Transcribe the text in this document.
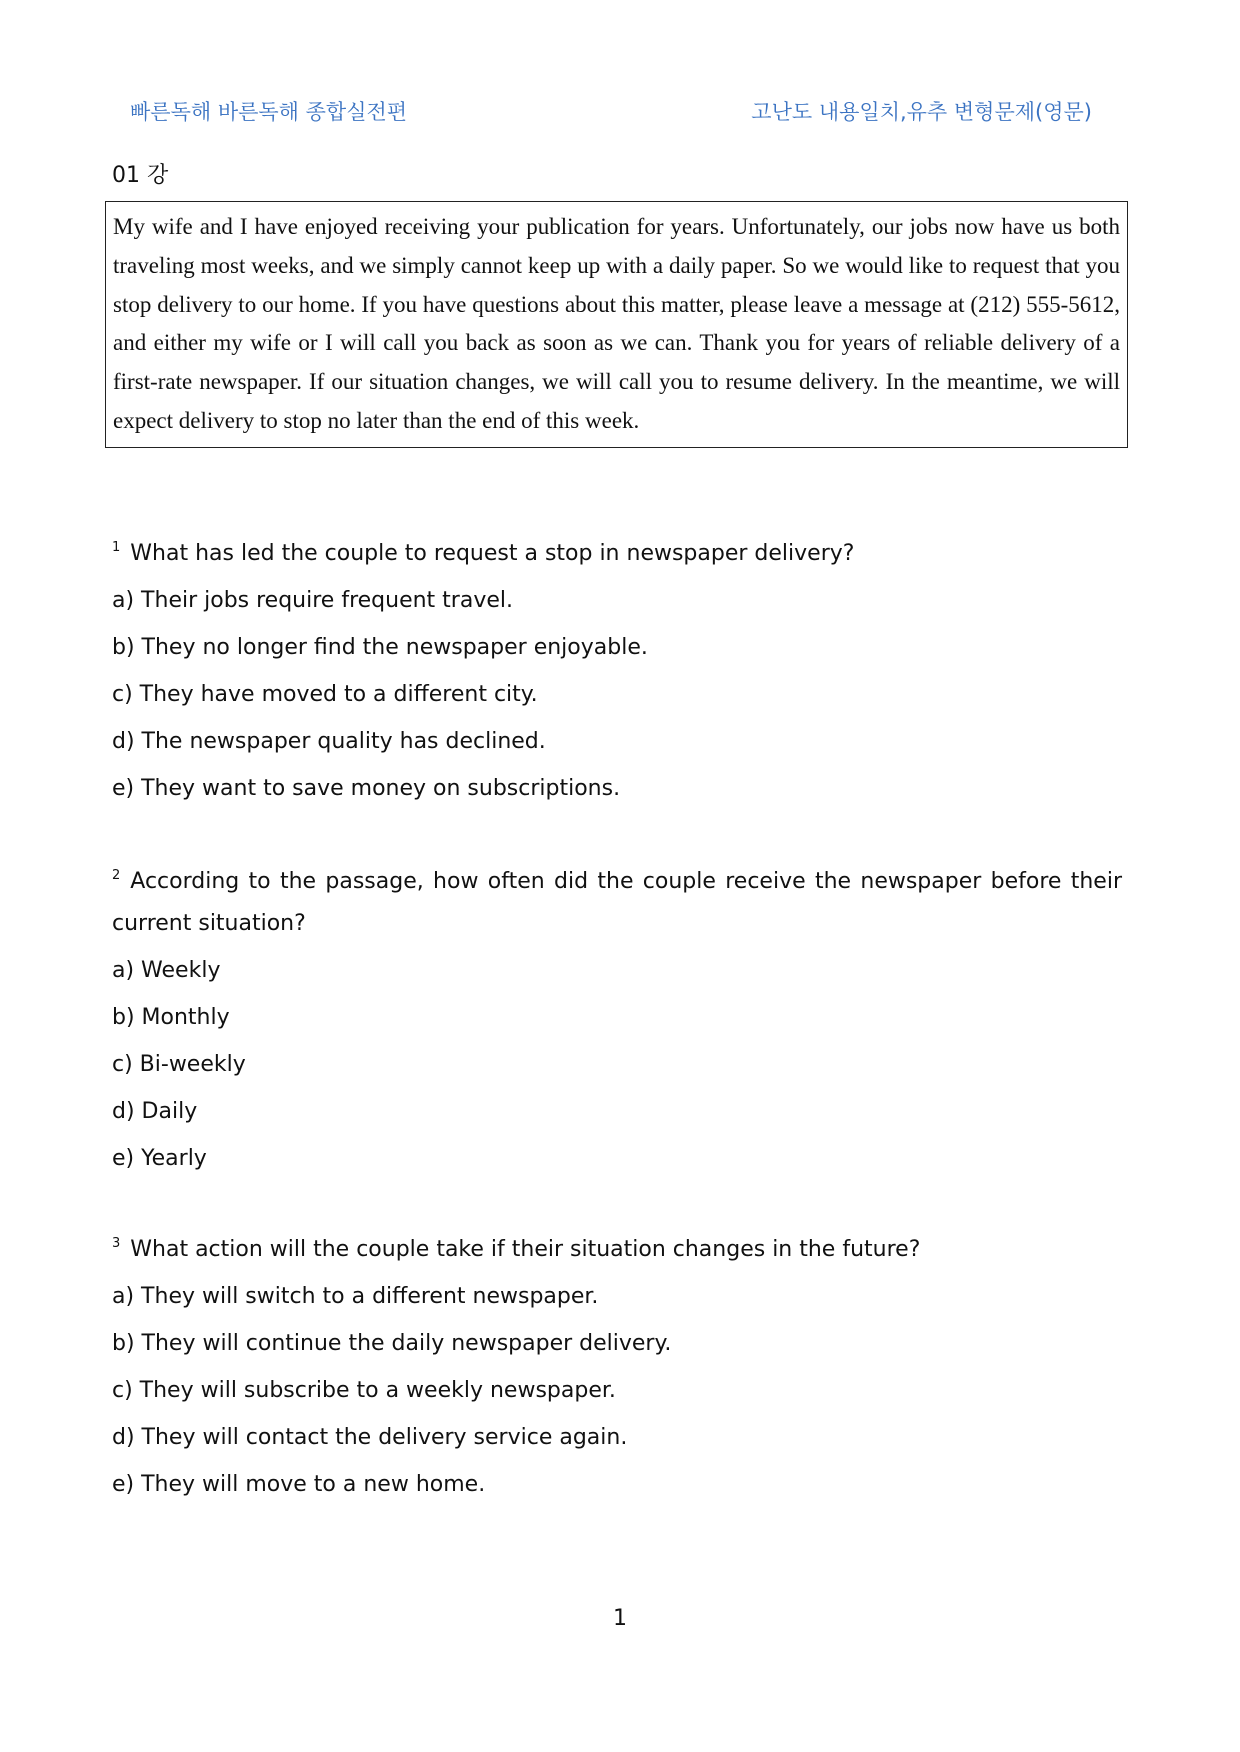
빠른독해 바른독해 종합실전편	고난도 내용일치,유추 변형문제(영문)
01 강
My wife and I have enjoyed receiving your publication for years. Unfortunately, our jobs now have us both traveling most weeks, and we simply cannot keep up with a daily paper. So we would like to request that you stop delivery to our home. If you have questions about this matter, please leave a message at (212) 555-5612, and either my wife or I will call you back as soon as we can. Thank you for years of reliable delivery of a first-rate newspaper. If our situation changes, we will call you to resume delivery. In the meantime, we will expect delivery to stop no later than the end of this week.

$^1$ What has led the couple to request a stop in newspaper delivery?

a) Their jobs require frequent travel.
b) They no longer find the newspaper enjoyable.
c) They have moved to a different city.
d) The newspaper quality has declined.
e) They want to save money on subscriptions.

$^2$ According to the passage, how often did the couple receive the newspaper before their current situation?

a) Weekly
b) Monthly
c) Bi-weekly
d) Daily
e) Yearly

$^3$ What action will the couple take if their situation changes in the future?

a) They will switch to a different newspaper.
b) They will continue the daily newspaper delivery.
c) They will subscribe to a weekly newspaper.
d) They will contact the delivery service again.
e) They will move to a new home.
1
